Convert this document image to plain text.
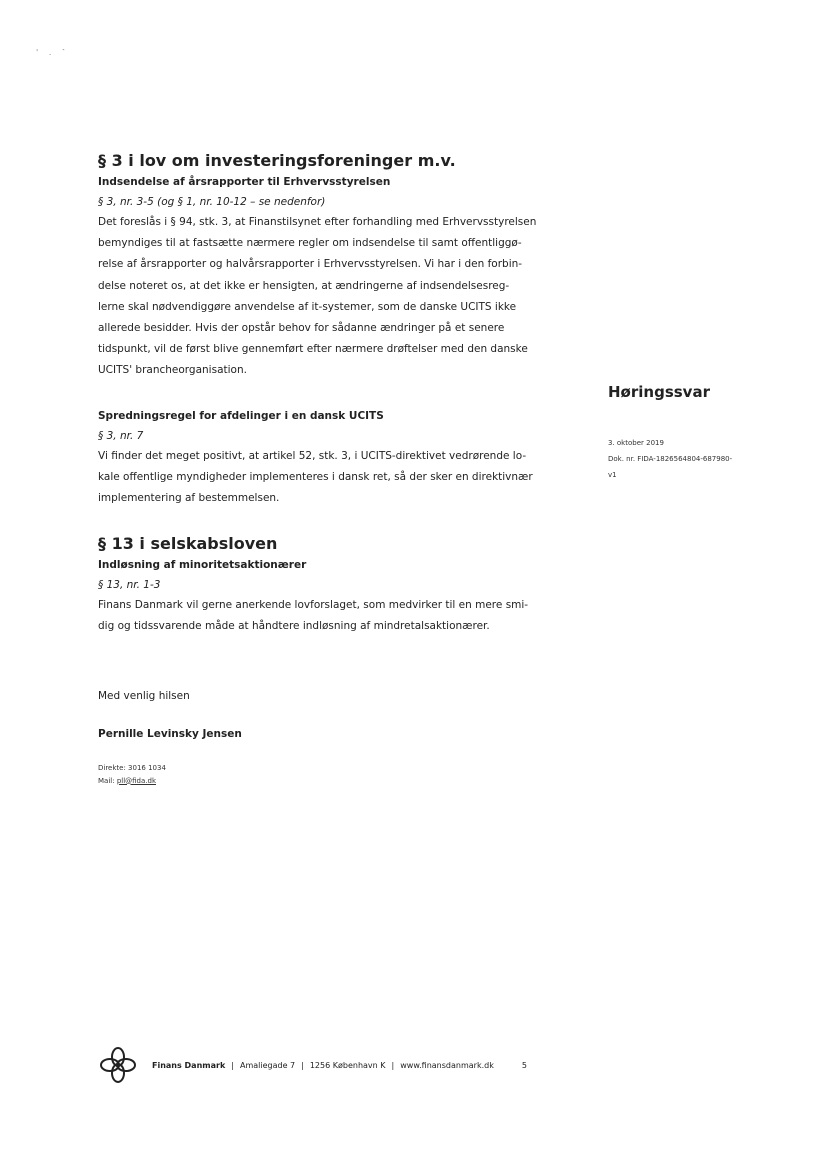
' ․ ˺
§ 3 i lov om investeringsforeninger m.v.

Indsendelse af årsrapporter til Erhvervsstyrelsen

§ 3, nr. 3-5 (og § 1, nr. 10-12 – se nedenfor)

Det foreslås i § 94, stk. 3, at Finanstilsynet efter forhandling med Erhvervsstyrelsen

bemyndiges til at fastsætte nærmere regler om indsendelse til samt offentliggø-

relse af årsrapporter og halvårsrapporter i Erhvervsstyrelsen. Vi har i den forbin-

delse noteret os, at det ikke er hensigten, at ændringerne af indsendelsesreg-

lerne skal nødvendiggøre anvendelse af it-systemer, som de danske UCITS ikke

allerede besidder. Hvis der opstår behov for sådanne ændringer på et senere

tidspunkt, vil de først blive gennemført efter nærmere drøftelser med den danske

UCITS' brancheorganisation.

Spredningsregel for afdelinger i en dansk UCITS

§ 3, nr. 7

Vi finder det meget positivt, at artikel 52, stk. 3, i UCITS-direktivet vedrørende lo-

kale offentlige myndigheder implementeres i dansk ret, så der sker en direktivnær

implementering af bestemmelsen.

§ 13 i selskabsloven

Indløsning af minoritetsaktionærer

§ 13, nr. 1-3

Finans Danmark vil gerne anerkende lovforslaget, som medvirker til en mere smi-

dig og tidssvarende måde at håndtere indløsning af mindretalsaktionærer.

Med venlig hilsen

Pernille Levinsky Jensen

Direkte: 3016 1034

Mail: pll@fida.dk

Høringssvar

3. oktober 2019

Dok. nr. FIDA-1826564804-687980-

v1

Finans Danmark | Amaliegade 7 | 1256 København K | www.finansdanmark.dk	5
